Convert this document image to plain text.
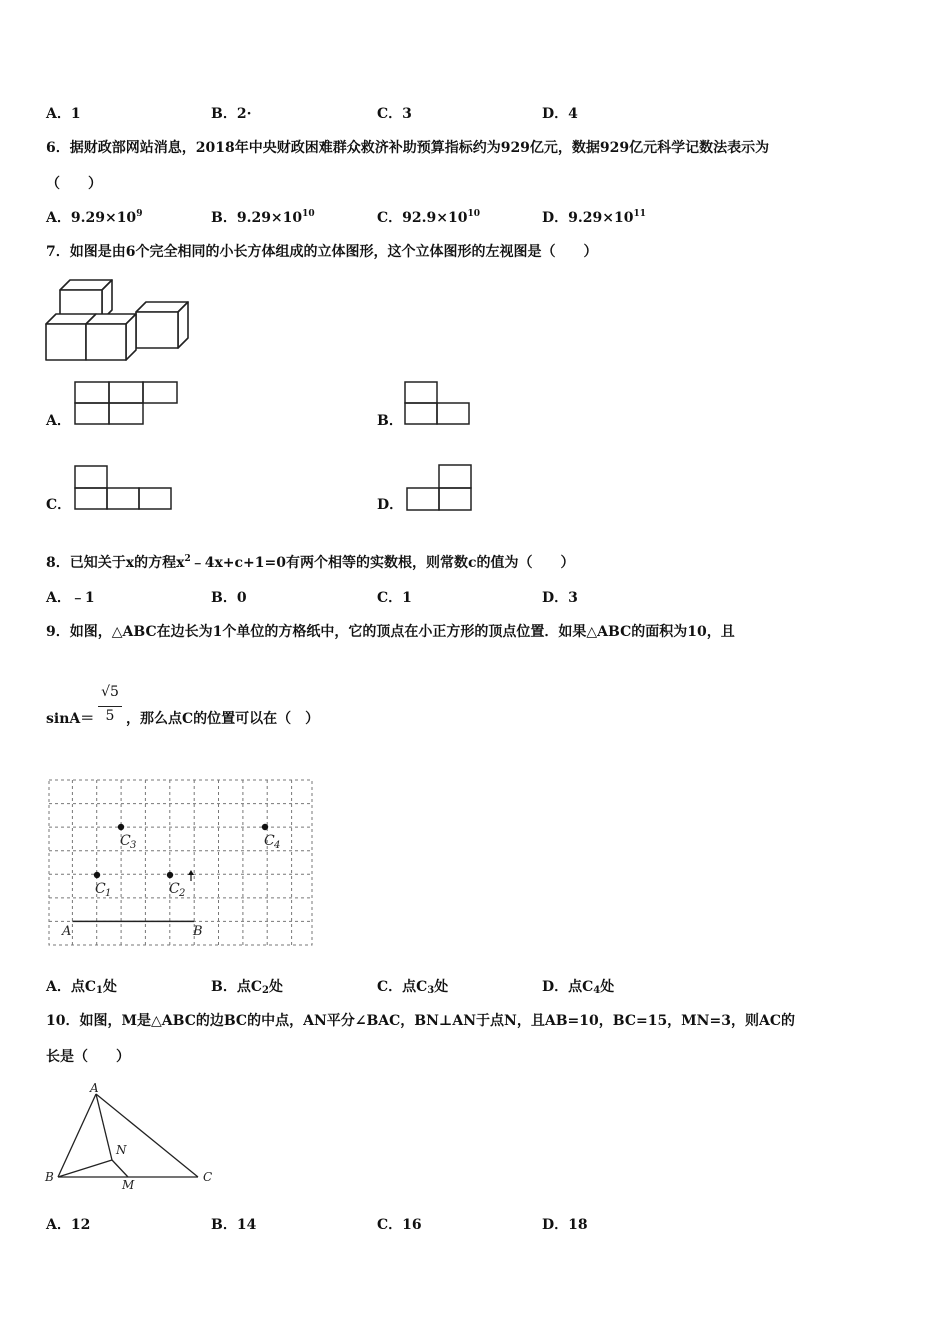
A．1	B．2·	C．3	D．4
6．据财政部网站消息，2018年中央财政困难群众救济补助预算指标约为929亿元，数据929亿元科学记数法表示为
（　　）
A．$9.29\times 10^9$	B．$9.29\times 10^{10}$	C．$92.9\times 10^{10}$	D．$9.29\times 10^{11}$
7．如图是由6个完全相同的小长方体组成的立体图形，这个立体图形的左视图是（　　）
A．	B．
C．	D．
8．已知关于x的方程$x^2﹣4x+c+1=0$有两个相等的实数根，则常数c的值为（　　）
A．﹣1	B．0	C．1	D．3
9．如图，△ABC在边长为1个单位的方格纸中，它的顶点在小正方形的顶点位置．如果△ABC的面积为10，且
sinA＝
√5
5 ，那么点C的位置可以在（　）
A	B
C 1	C 2
C 3	C 4
A．点$C_1$处	B．点$C_2$处	C．点$C_3$处	D．点$C_4$处
10．如图，M是△ABC的边BC的中点，AN平分∠BAC，BN⊥AN于点N，且AB=10，BC=15，MN=3，则AC的
长是（　　）
A
B	C
N
M
A．12	B．14	C．16	D．18
